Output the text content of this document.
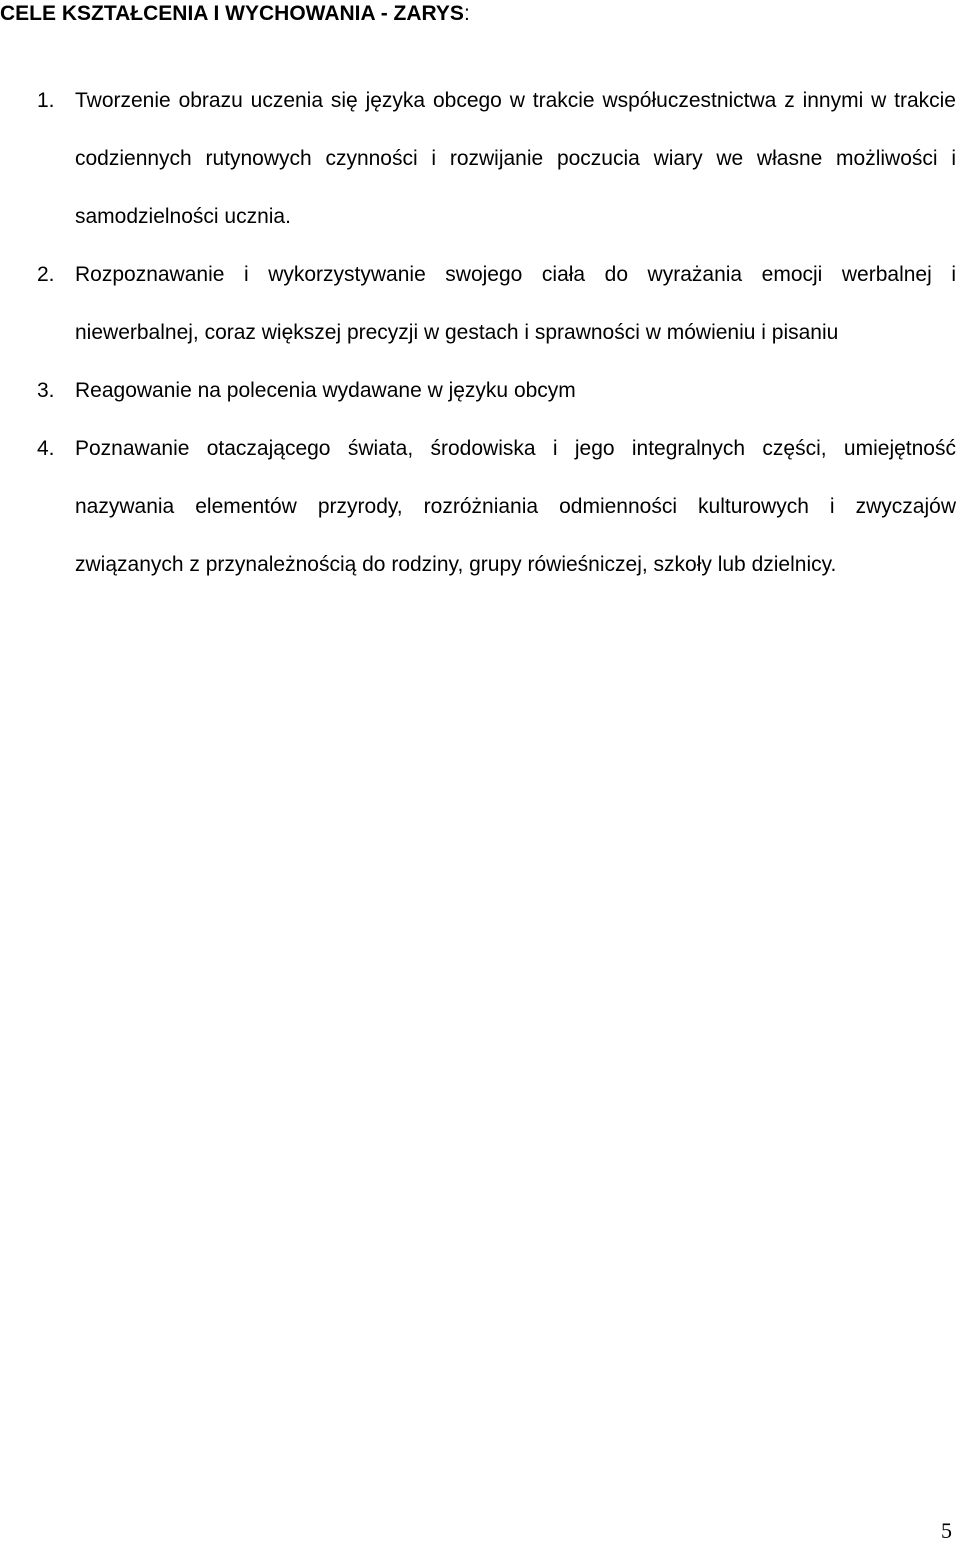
CELE KSZTAŁCENIA I WYCHOWANIA - ZARYS:
1. Tworzenie obrazu uczenia się języka obcego w trakcie współuczestnictwa z innymi w trakcie codziennych rutynowych czynności i rozwijanie poczucia wiary we własne możliwości i samodzielności ucznia.
2. Rozpoznawanie i wykorzystywanie swojego ciała do wyrażania emocji werbalnej i niewerbalnej, coraz większej precyzji w gestach i sprawności w mówieniu i pisaniu
3. Reagowanie na polecenia wydawane w języku obcym
4. Poznawanie otaczającego świata, środowiska i jego integralnych części, umiejętność nazywania elementów przyrody, rozróżniania odmienności kulturowych i zwyczajów związanych z przynależnością do rodziny, grupy rówieśniczej, szkoły lub dzielnicy.
5
